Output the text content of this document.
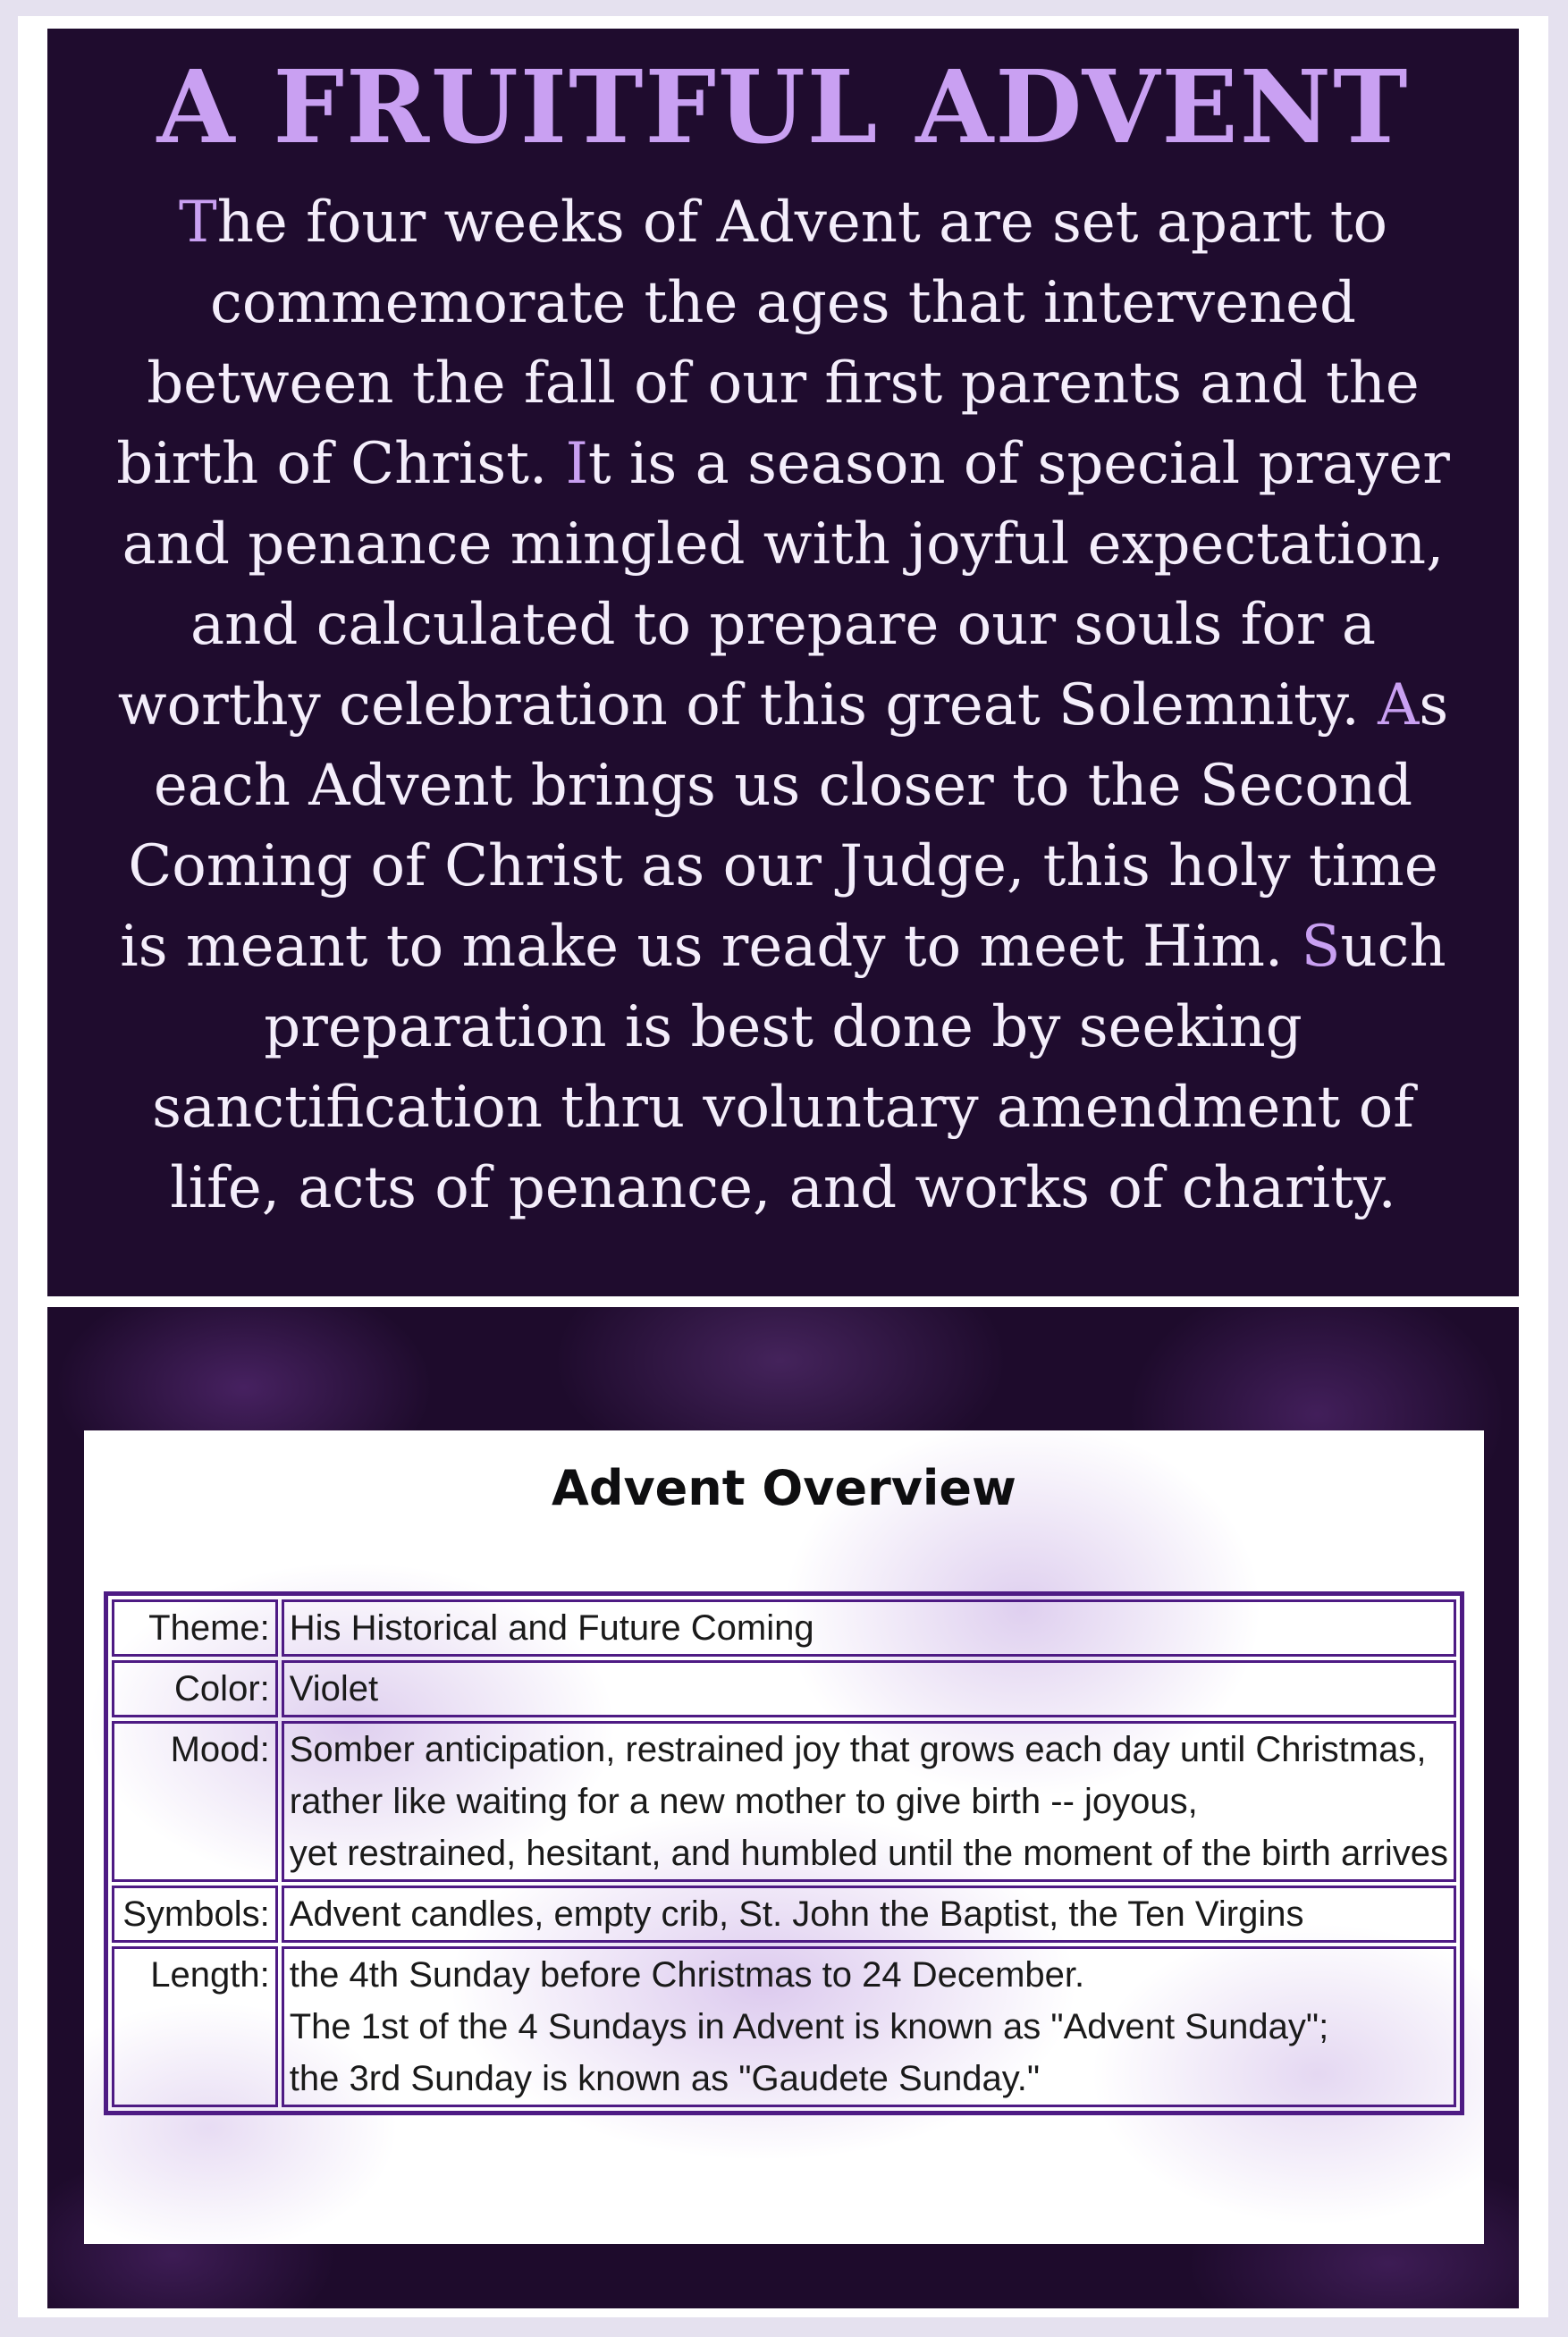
A FRUITFUL ADVENT

The four weeks of Advent are set apart to
commemorate the ages that intervened
between the fall of our first parents and the
birth of Christ. It is a season of special prayer
and penance mingled with joyful expectation,
and calculated to prepare our souls for a
worthy celebration of this great Solemnity. As
each Advent brings us closer to the Second
Coming of Christ as our Judge, this holy time
is meant to make us ready to meet Him. Such
preparation is best done by seeking
sanctification thru voluntary amendment of
life, acts of penance, and works of charity.

Advent Overview
Theme:	His Historical and Future Coming

Color:	Violet

Mood:	Somber anticipation, restrained joy that grows each day until Christmas,
rather like waiting for a new mother to give birth -- joyous,
yet restrained, hesitant, and humbled until the moment of the birth arrives

Symbols:	Advent candles, empty crib, St. John the Baptist, the Ten Virgins

Length:	the 4th Sunday before Christmas to 24 December.
The 1st of the 4 Sundays in Advent is known as "Advent Sunday";
the 3rd Sunday is known as "Gaudete Sunday."
